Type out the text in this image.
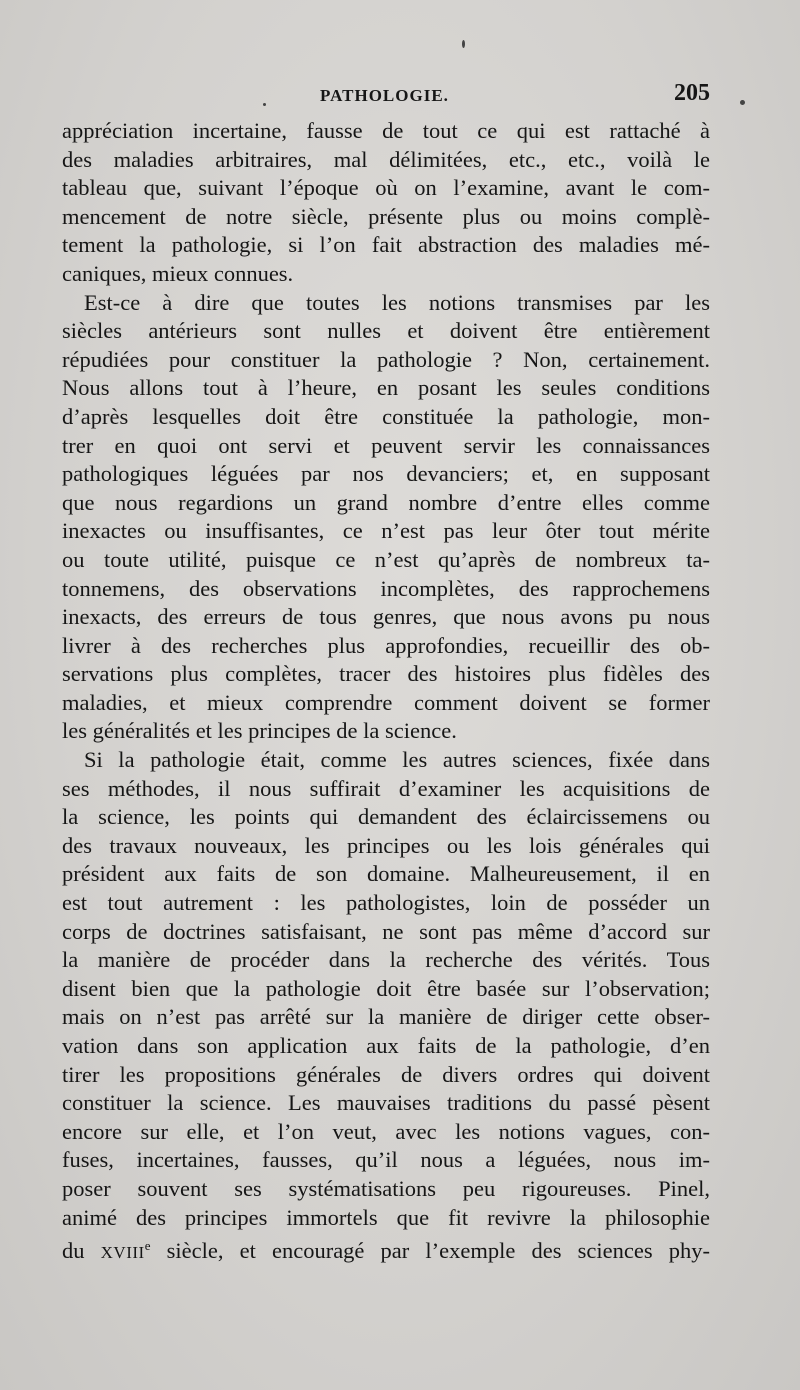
PATHOLOGIE.	205
appréciation incertaine, fausse de tout ce qui est rattaché à
des maladies arbitraires, mal délimitées, etc., etc., voilà le
tableau que, suivant l’époque où on l’examine, avant le com-
mencement de notre siècle, présente plus ou moins complè-
tement la pathologie, si l’on fait abstraction des maladies mé-
caniques, mieux connues.
Est-ce à dire que toutes les notions transmises par les
siècles antérieurs sont nulles et doivent être entièrement
répudiées pour constituer la pathologie ? Non, certainement.
Nous allons tout à l’heure, en posant les seules conditions
d’après lesquelles doit être constituée la pathologie, mon-
trer en quoi ont servi et peuvent servir les connaissances
pathologiques léguées par nos devanciers; et, en supposant
que nous regardions un grand nombre d’entre elles comme
inexactes ou insuffisantes, ce n’est pas leur ôter tout mérite
ou toute utilité, puisque ce n’est qu’après de nombreux ta-
tonnemens, des observations incomplètes, des rapprochemens
inexacts, des erreurs de tous genres, que nous avons pu nous
livrer à des recherches plus approfondies, recueillir des ob-
servations plus complètes, tracer des histoires plus fidèles des
maladies, et mieux comprendre comment doivent se former
les généralités et les principes de la science.
Si la pathologie était, comme les autres sciences, fixée dans
ses méthodes, il nous suffirait d’examiner les acquisitions de
la science, les points qui demandent des éclaircissemens ou
des travaux nouveaux, les principes ou les lois générales qui
président aux faits de son domaine. Malheureusement, il en
est tout autrement : les pathologistes, loin de posséder un
corps de doctrines satisfaisant, ne sont pas même d’accord sur
la manière de procéder dans la recherche des vérités. Tous
disent bien que la pathologie doit être basée sur l’observation;
mais on n’est pas arrêté sur la manière de diriger cette obser-
vation dans son application aux faits de la pathologie, d’en
tirer les propositions générales de divers ordres qui doivent
constituer la science. Les mauvaises traditions du passé pèsent
encore sur elle, et l’on veut, avec les notions vagues, con-
fuses, incertaines, fausses, qu’il nous a léguées, nous im-
poser souvent ses systématisations peu rigoureuses. Pinel,
animé des principes immortels que fit revivre la philosophie
du XVIIIe siècle, et encouragé par l’exemple des sciences phy-
